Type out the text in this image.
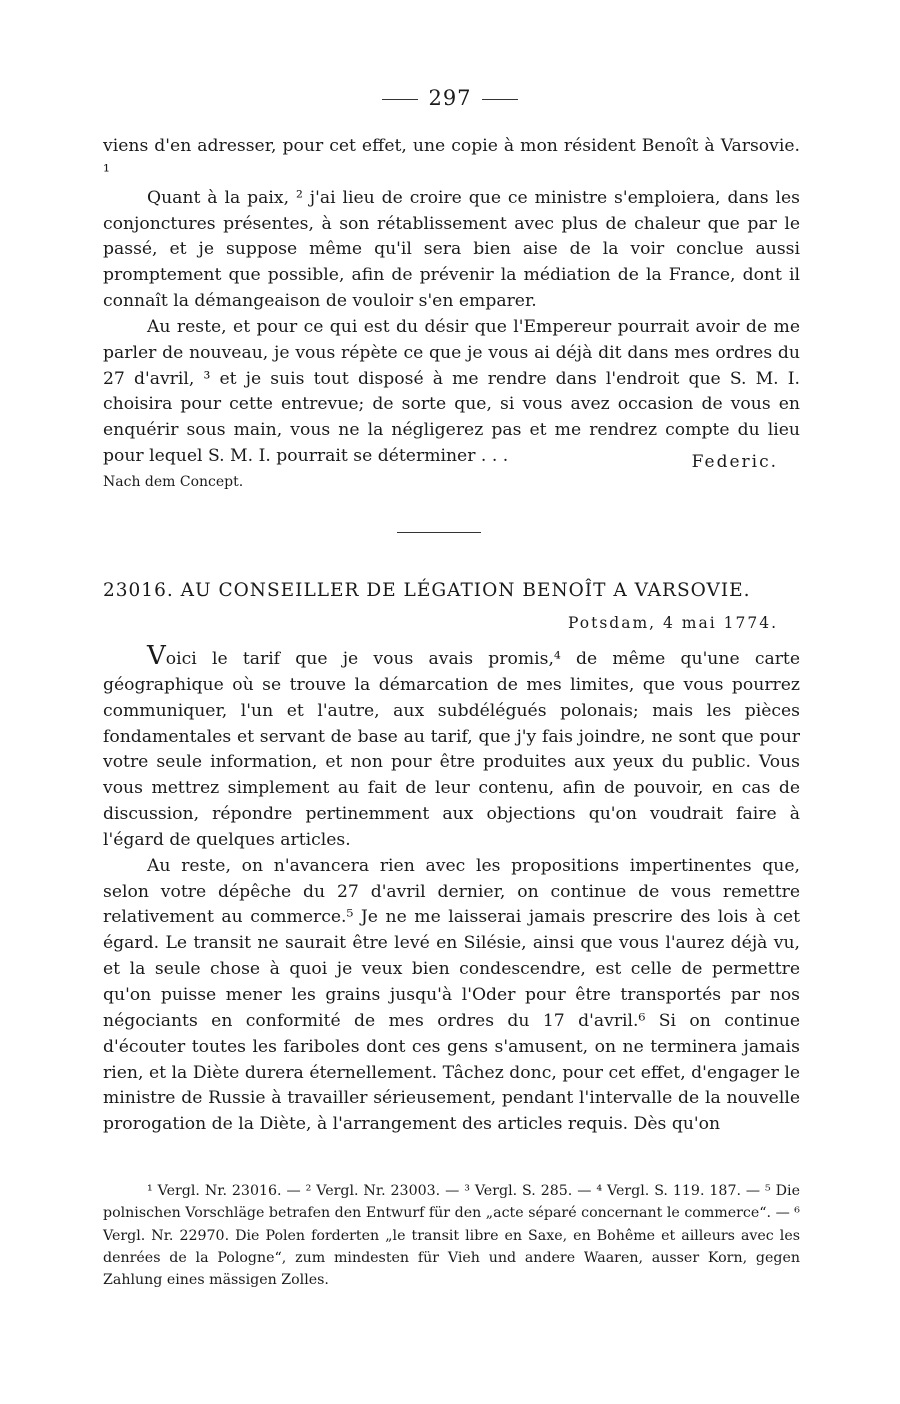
297

viens d'en adresser, pour cet effet, une copie à mon résident Benoît à Varsovie. ¹

Quant à la paix, ² j'ai lieu de croire que ce ministre s'emploiera, dans les conjonctures présentes, à son rétablissement avec plus de chaleur que par le passé, et je suppose même qu'il sera bien aise de la voir conclue aussi promptement que possible, afin de prévenir la médiation de la France, dont il connaît la démangeaison de vouloir s'en emparer.

Au reste, et pour ce qui est du désir que l'Empereur pourrait avoir de me parler de nouveau, je vous répète ce que je vous ai déjà dit dans mes ordres du 27 d'avril, ³ et je suis tout disposé à me rendre dans l'endroit que S. M. I. choisira pour cette entrevue; de sorte que, si vous avez occasion de vous en enquérir sous main, vous ne la négligerez pas et me rendrez compte du lieu pour lequel S. M. I. pourrait se déterminer . . .	Federic.

Nach dem Concept.

23016. AU CONSEILLER DE LÉGATION BENOÎT A VARSOVIE.
Potsdam, 4 mai 1774.

Voici le tarif que je vous avais promis,⁴ de même qu'une carte géographique où se trouve la démarcation de mes limites, que vous pourrez communiquer, l'un et l'autre, aux subdélégués polonais; mais les pièces fondamentales et servant de base au tarif, que j'y fais joindre, ne sont que pour votre seule information, et non pour être produites aux yeux du public. Vous vous mettrez simplement au fait de leur contenu, afin de pouvoir, en cas de discussion, répondre pertinemment aux objections qu'on voudrait faire à l'égard de quelques articles.

Au reste, on n'avancera rien avec les propositions impertinentes que, selon votre dépêche du 27 d'avril dernier, on continue de vous remettre relativement au commerce.⁵ Je ne me laisserai jamais prescrire des lois à cet égard. Le transit ne saurait être levé en Silésie, ainsi que vous l'aurez déjà vu, et la seule chose à quoi je veux bien condescendre, est celle de permettre qu'on puisse mener les grains jusqu'à l'Oder pour être transportés par nos négociants en conformité de mes ordres du 17 d'avril.⁶ Si on continue d'écouter toutes les fariboles dont ces gens s'amusent, on ne terminera jamais rien, et la Diète durera éternellement. Tâchez donc, pour cet effet, d'engager le ministre de Russie à travailler sérieusement, pendant l'intervalle de la nouvelle prorogation de la Diète, à l'arrangement des articles requis. Dès qu'on

¹ Vergl. Nr. 23016. — ² Vergl. Nr. 23003. — ³ Vergl. S. 285. — ⁴ Vergl. S. 119. 187. — ⁵ Die polnischen Vorschläge betrafen den Entwurf für den „acte séparé concernant le commerce“. — ⁶ Vergl. Nr. 22970. Die Polen forderten „le transit libre en Saxe, en Bohême et ailleurs avec les denrées de la Pologne“, zum mindesten für Vieh und andere Waaren, ausser Korn, gegen Zahlung eines mässigen Zolles.
